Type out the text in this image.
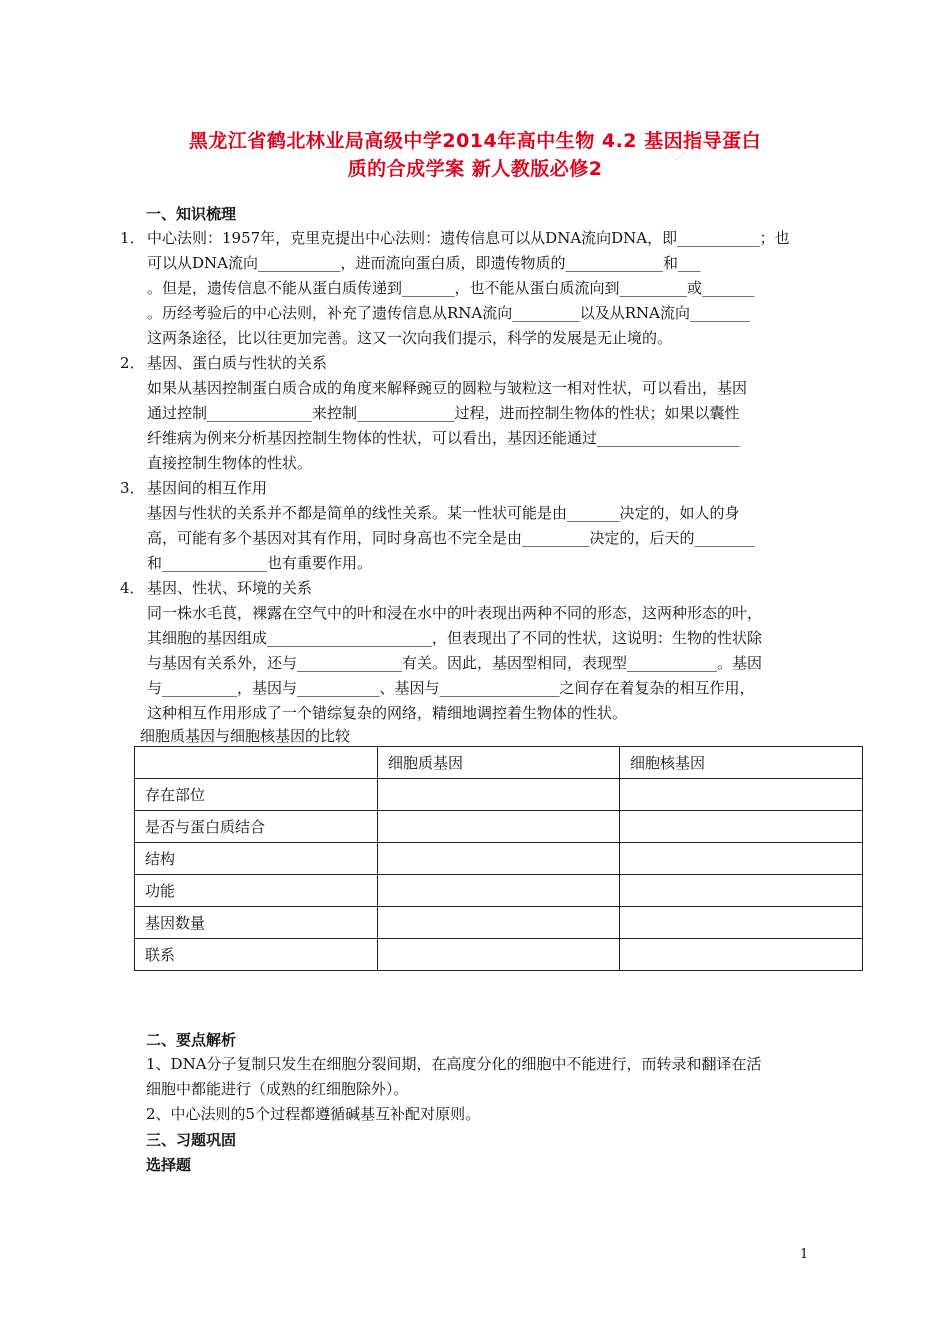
黑龙江省鹤北林业局高级中学2014年高中生物 4.2 基因指导蛋白
质的合成学案 新人教版必修2
一、知识梳理
1． 中心法则：1957年，克里克提出中心法则：遗传信息可以从DNA流向DNA，即___________；也
可以从DNA流向___________，进而流向蛋白质，即遗传物质的_____________和___
。但是，遗传信息不能从蛋白质传递到_______，也不能从蛋白质流向到_________或_______
。历经考验后的中心法则，补充了遗传信息从RNA流向_________以及从RNA流向________
这两条途径，比以往更加完善。这又一次向我们提示，科学的发展是无止境的。
2． 基因、蛋白质与性状的关系
如果从基因控制蛋白质合成的角度来解释豌豆的圆粒与皱粒这一相对性状，可以看出，基因
通过控制______________来控制_____________过程，进而控制生物体的性状；如果以囊性
纤维病为例来分析基因控制生物体的性状，可以看出，基因还能通过___________________
直接控制生物体的性状。
3． 基因间的相互作用
基因与性状的关系并不都是简单的线性关系。某一性状可能是由_______决定的，如人的身
高，可能有多个基因对其有作用，同时身高也不完全是由_________决定的，后天的________
和______________也有重要作用。
4． 基因、性状、环境的关系
同一株水毛茛，裸露在空气中的叶和浸在水中的叶表现出两种不同的形态，这两种形态的叶，
其细胞的基因组成______________________，但表现出了不同的性状，这说明：生物的性状除
与基因有关系外，还与______________有关。因此，基因型相同，表现型____________。基因
与__________，基因与___________、基因与________________之间存在着复杂的相互作用，
这种相互作用形成了一个错综复杂的网络，精细地调控着生物体的性状。
细胞质基因与细胞核基因的比较
	细胞质基因	细胞核基因
存在部位		
是否与蛋白质结合		
结构		
功能		
基因数量		
联系		
二、要点解析
1、DNA分子复制只发生在细胞分裂间期，在高度分化的细胞中不能进行，而转录和翻译在活
细胞中都能进行（成熟的红细胞除外）。
2、中心法则的5个过程都遵循碱基互补配对原则。
三、习题巩固
选择题
1
